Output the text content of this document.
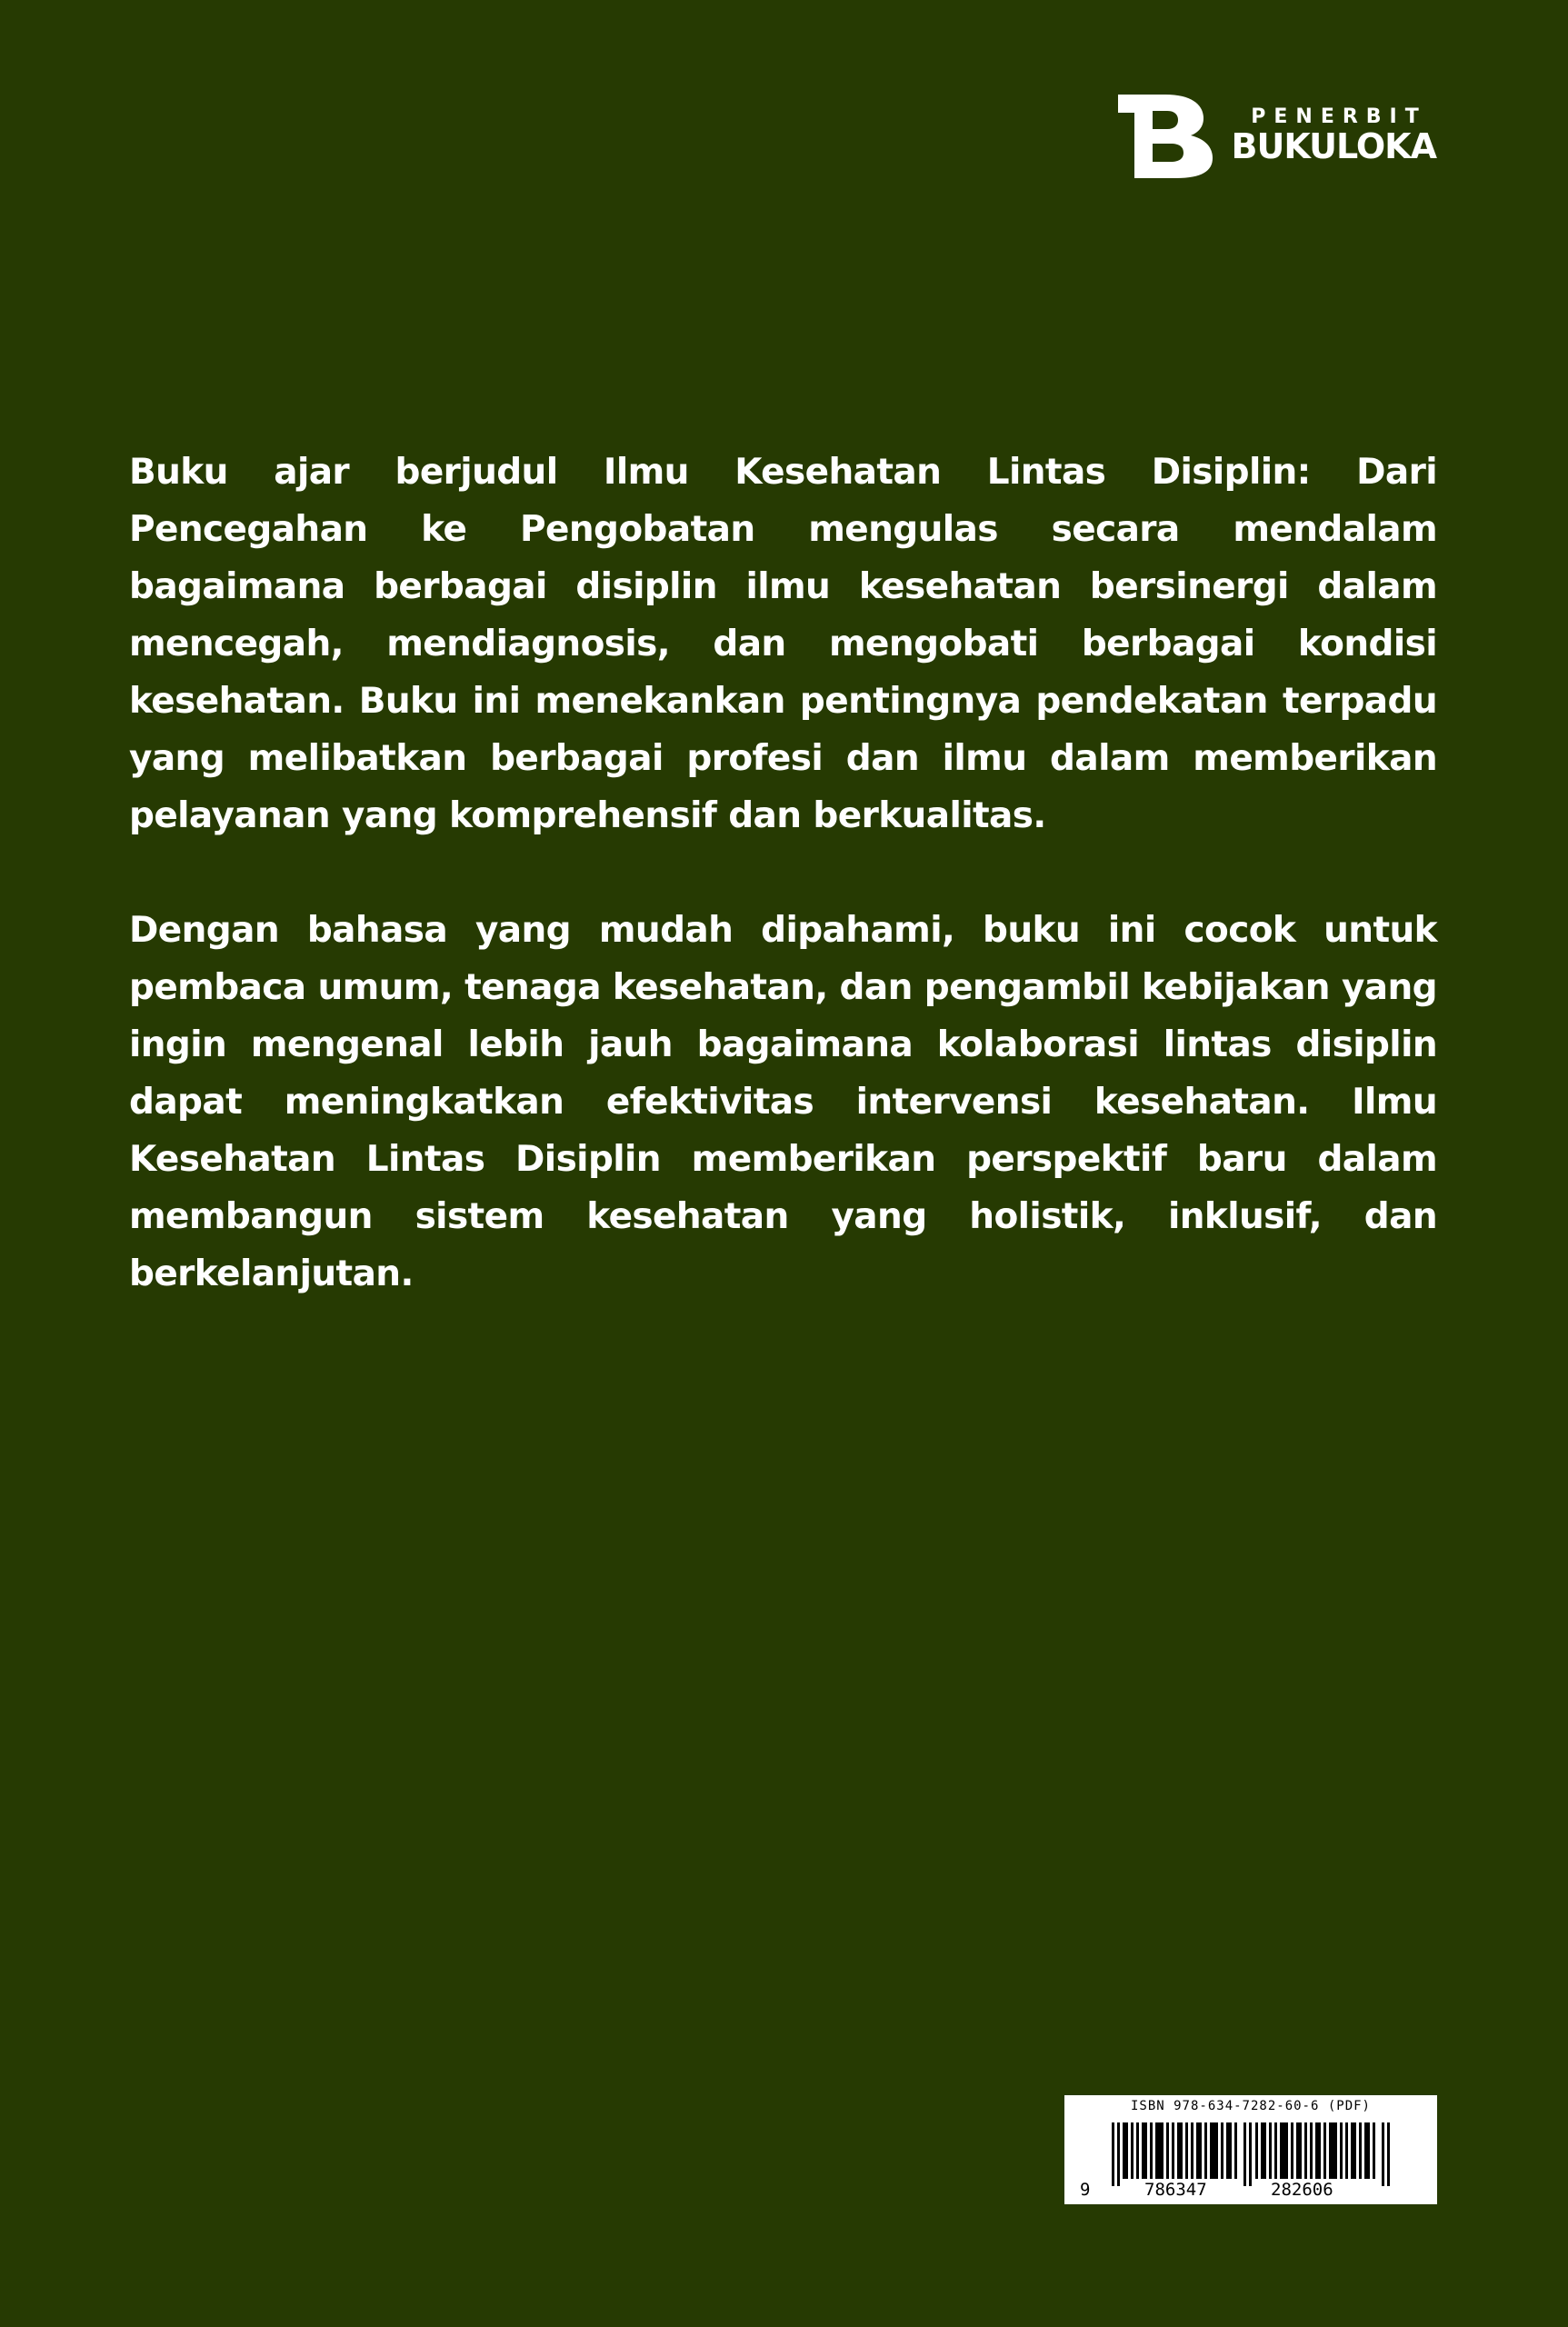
PENERBIT
BUKULOKA

Buku ajar berjudul Ilmu Kesehatan Lintas Disiplin: Dari Pencegahan ke Pengobatan mengulas secara mendalam bagaimana berbagai disiplin ilmu kesehatan bersinergi dalam mencegah, mendiagnosis, dan mengobati berbagai kondisi kesehatan. Buku ini menekankan pentingnya pendekatan terpadu yang melibatkan berbagai profesi dan ilmu dalam memberikan pelayanan yang komprehensif dan berkualitas.

Dengan bahasa yang mudah dipahami, buku ini cocok untuk pembaca umum, tenaga kesehatan, dan pengambil kebijakan yang ingin mengenal lebih jauh bagaimana kolaborasi lintas disiplin dapat meningkatkan efektivitas intervensi kesehatan. Ilmu Kesehatan Lintas Disiplin memberikan perspektif baru dalam membangun sistem kesehatan yang holistik, inklusif, dan berkelanjutan.

ISBN 978-634-7282-60-6 (PDF)
9	786347	282606
